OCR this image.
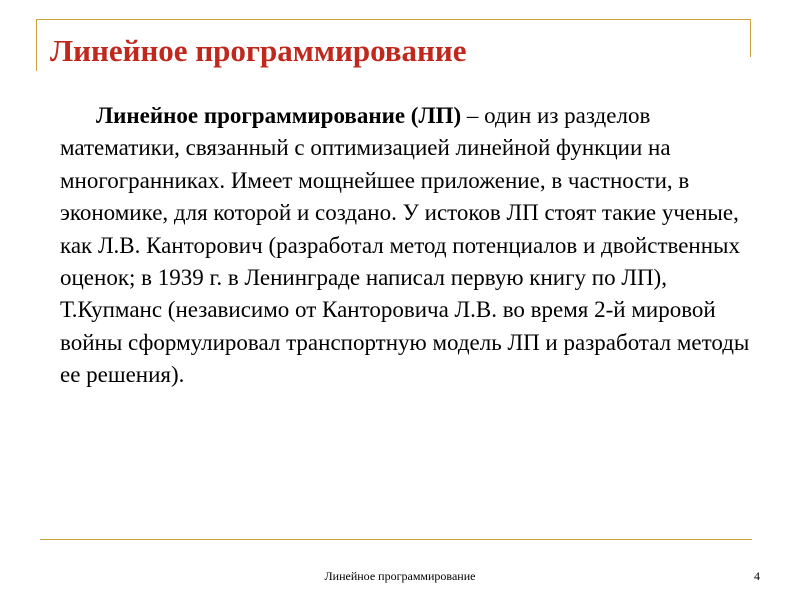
Линейное программирование

Линейное программирование (ЛП) – один из разделов математики, связанный с оптимизацией линейной функции на многогранниках. Имеет мощнейшее приложение, в частности, в экономике, для которой и создано. У истоков ЛП стоят такие ученые, как Л.В. Канторович (разработал метод потенциалов и двойственных оценок; в 1939 г. в Ленинграде написал первую книгу по ЛП), Т.Купманс (независимо от Канторовича Л.В. во время 2-й мировой войны сформулировал транспортную модель ЛП и разработал методы ее решения).

Линейное программирование	4
